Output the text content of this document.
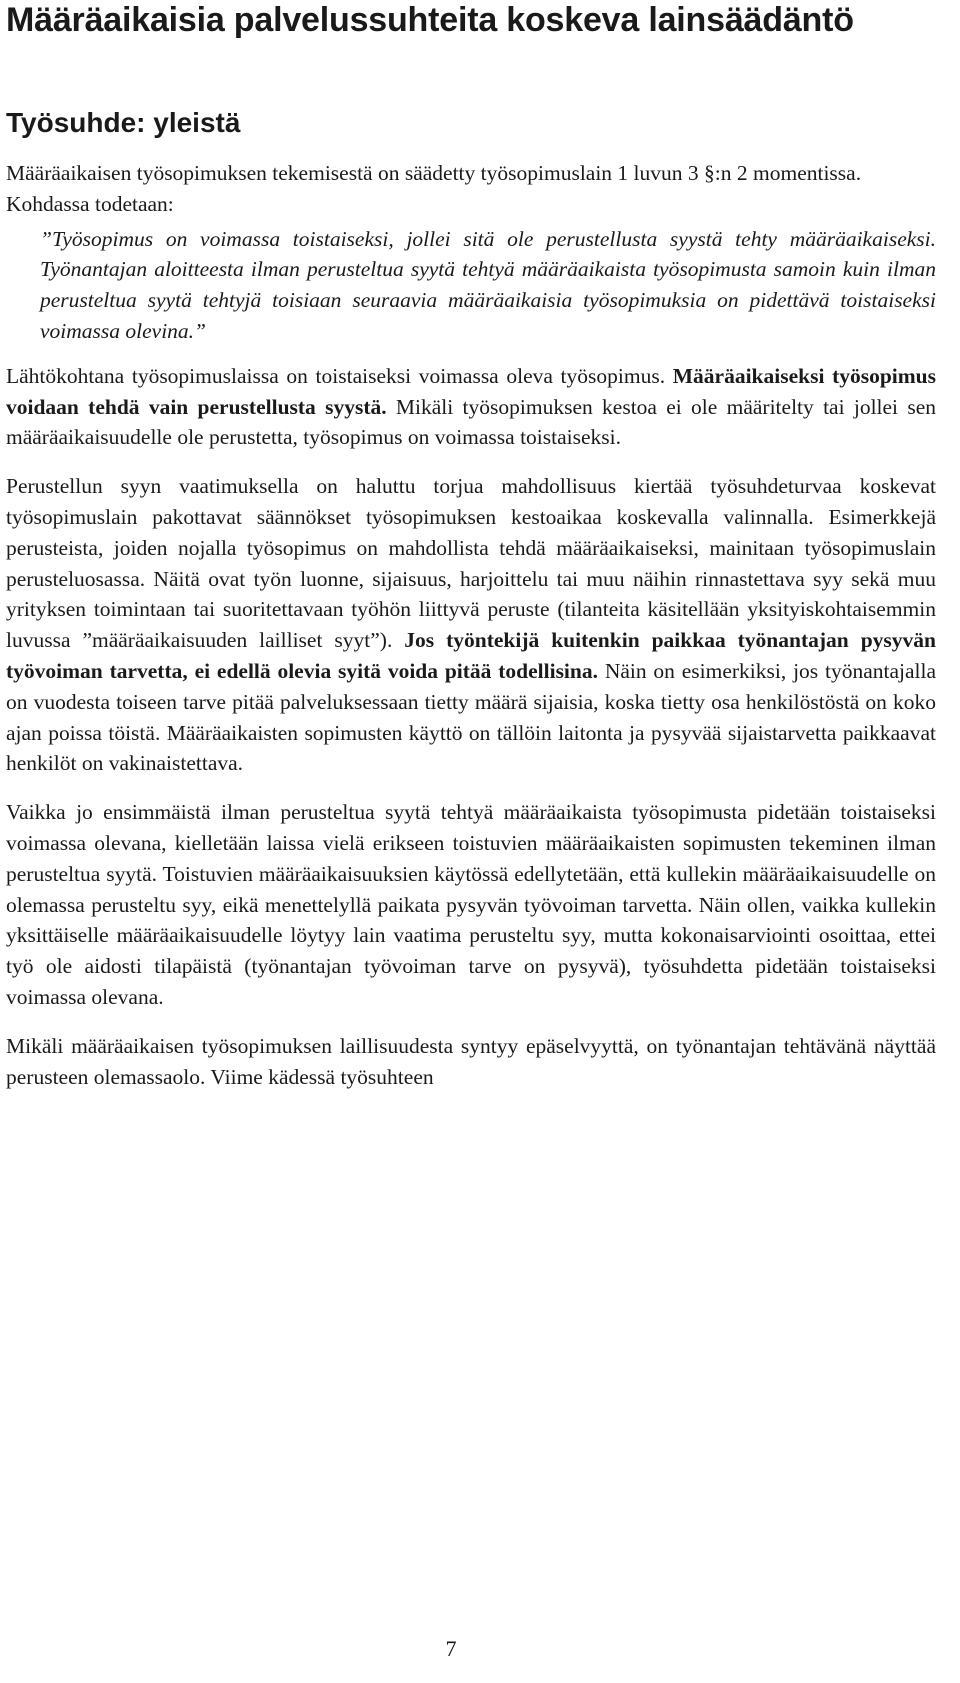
Määräaikaisia palvelussuhteita koskeva lainsäädäntö
Työsuhde: yleistä

Määräaikaisen työsopimuksen tekemisestä on säädetty työsopimuslain 1 luvun 3 §:n 2 momentissa. Kohdassa todetaan:

”Työsopimus on voimassa toistaiseksi, jollei sitä ole perustellusta syystä tehty määräaikaiseksi. Työnantajan aloitteesta ilman perusteltua syytä tehtyä määräaikaista työsopimusta samoin kuin ilman perusteltua syytä tehtyjä toisiaan seuraavia määräaikaisia työsopimuksia on pidettävä toistaiseksi voimassa olevina.”

Lähtökohtana työsopimuslaissa on toistaiseksi voimassa oleva työsopimus. Määräaikaiseksi työsopimus voidaan tehdä vain perustellusta syystä. Mikäli työsopimuksen kestoa ei ole määritelty tai jollei sen määräaikaisuudelle ole perustetta, työsopimus on voimassa toistaiseksi.

Perustellun syyn vaatimuksella on haluttu torjua mahdollisuus kiertää työsuhdeturvaa koskevat työsopimuslain pakottavat säännökset työsopimuksen kestoaikaa koskevalla valinnalla. Esimerkkejä perusteista, joiden nojalla työsopimus on mahdollista tehdä määräaikaiseksi, mainitaan työsopimuslain perusteluosassa. Näitä ovat työn luonne, sijaisuus, harjoittelu tai muu näihin rinnastettava syy sekä muu yrityksen toimintaan tai suoritettavaan työhön liittyvä peruste (tilanteita käsitellään yksityiskohtaisemmin luvussa ”määräaikaisuuden lailliset syyt”). Jos työntekijä kuitenkin paikkaa työnantajan pysyvän työvoiman tarvetta, ei edellä olevia syitä voida pitää todellisina. Näin on esimerkiksi, jos työnantajalla on vuodesta toiseen tarve pitää palveluksessaan tietty määrä sijaisia, koska tietty osa henkilöstöstä on koko ajan poissa töistä. Määräaikaisten sopimusten käyttö on tällöin laitonta ja pysyvää sijaistarvetta paikkaavat henkilöt on vakinaistettava.

Vaikka jo ensimmäistä ilman perusteltua syytä tehtyä määräaikaista työsopimusta pidetään toistaiseksi voimassa olevana, kielletään laissa vielä erikseen toistuvien määräaikaisten sopimusten tekeminen ilman perusteltua syytä. Toistuvien määräaikaisuuksien käytössä edellytetään, että kullekin määräaikaisuudelle on olemassa perusteltu syy, eikä menettelyllä paikata pysyvän työvoiman tarvetta. Näin ollen, vaikka kullekin yksittäiselle määräaikaisuudelle löytyy lain vaatima perusteltu syy, mutta kokonaisarviointi osoittaa, ettei työ ole aidosti tilapäistä (työnantajan työvoiman tarve on pysyvä), työsuhdetta pidetään toistaiseksi voimassa olevana.

Mikäli määräaikaisen työsopimuksen laillisuudesta syntyy epäselvyyttä, on työnantajan tehtävänä näyttää perusteen olemassaolo. Viime kädessä työsuhteen

7
